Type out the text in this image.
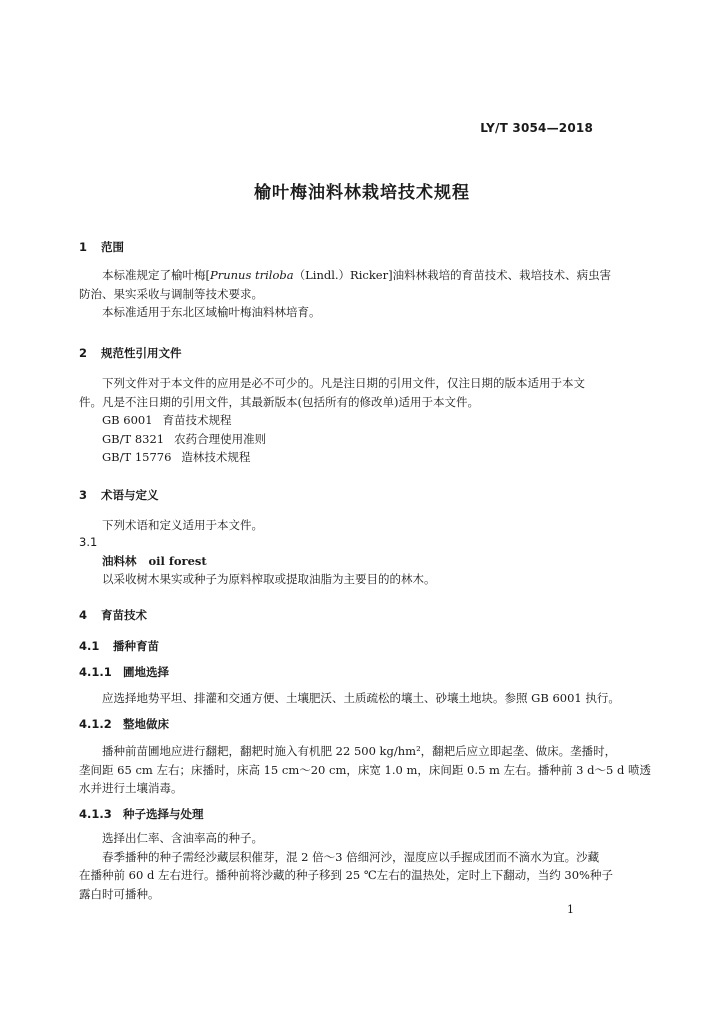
LY/T 3054—2018
榆叶梅油料林栽培技术规程
1 范围
本标准规定了榆叶梅[Prunus triloba（Lindl.）Ricker]油料林栽培的育苗技术、栽培技术、病虫害
防治、果实采收与调制等技术要求。
本标准适用于东北区域榆叶梅油料林培育。
2 规范性引用文件
下列文件对于本文件的应用是必不可少的。凡是注日期的引用文件，仅注日期的版本适用于本文
件。凡是不注日期的引用文件，其最新版本(包括所有的修改单)适用于本文件。
GB 6001 育苗技术规程
GB/T 8321 农药合理使用准则
GB/T 15776 造林技术规程
3 术语与定义
下列术语和定义适用于本文件。
3.1
油料林 oil forest
以采收树木果实或种子为原料榨取或提取油脂为主要目的的林木。
4 育苗技术
4.1 播种育苗
4.1.1 圃地选择
应选择地势平坦、排灌和交通方便、土壤肥沃、土质疏松的壤土、砂壤土地块。参照 GB 6001 执行。
4.1.2 整地做床
播种前苗圃地应进行翻耙，翻耙时施入有机肥 22 500 kg/hm²，翻耙后应立即起垄、做床。垄播时，
垄间距 65 cm 左右；床播时，床高 15 cm～20 cm，床宽 1.0 m，床间距 0.5 m 左右。播种前 3 d～5 d 喷透
水并进行土壤消毒。
4.1.3 种子选择与处理
选择出仁率、含油率高的种子。
春季播种的种子需经沙藏层积催芽，混 2 倍～3 倍细河沙，湿度应以手握成团而不滴水为宜。沙藏
在播种前 60 d 左右进行。播种前将沙藏的种子移到 25 ℃左右的温热处，定时上下翻动，当约 30%种子
露白时可播种。
1
